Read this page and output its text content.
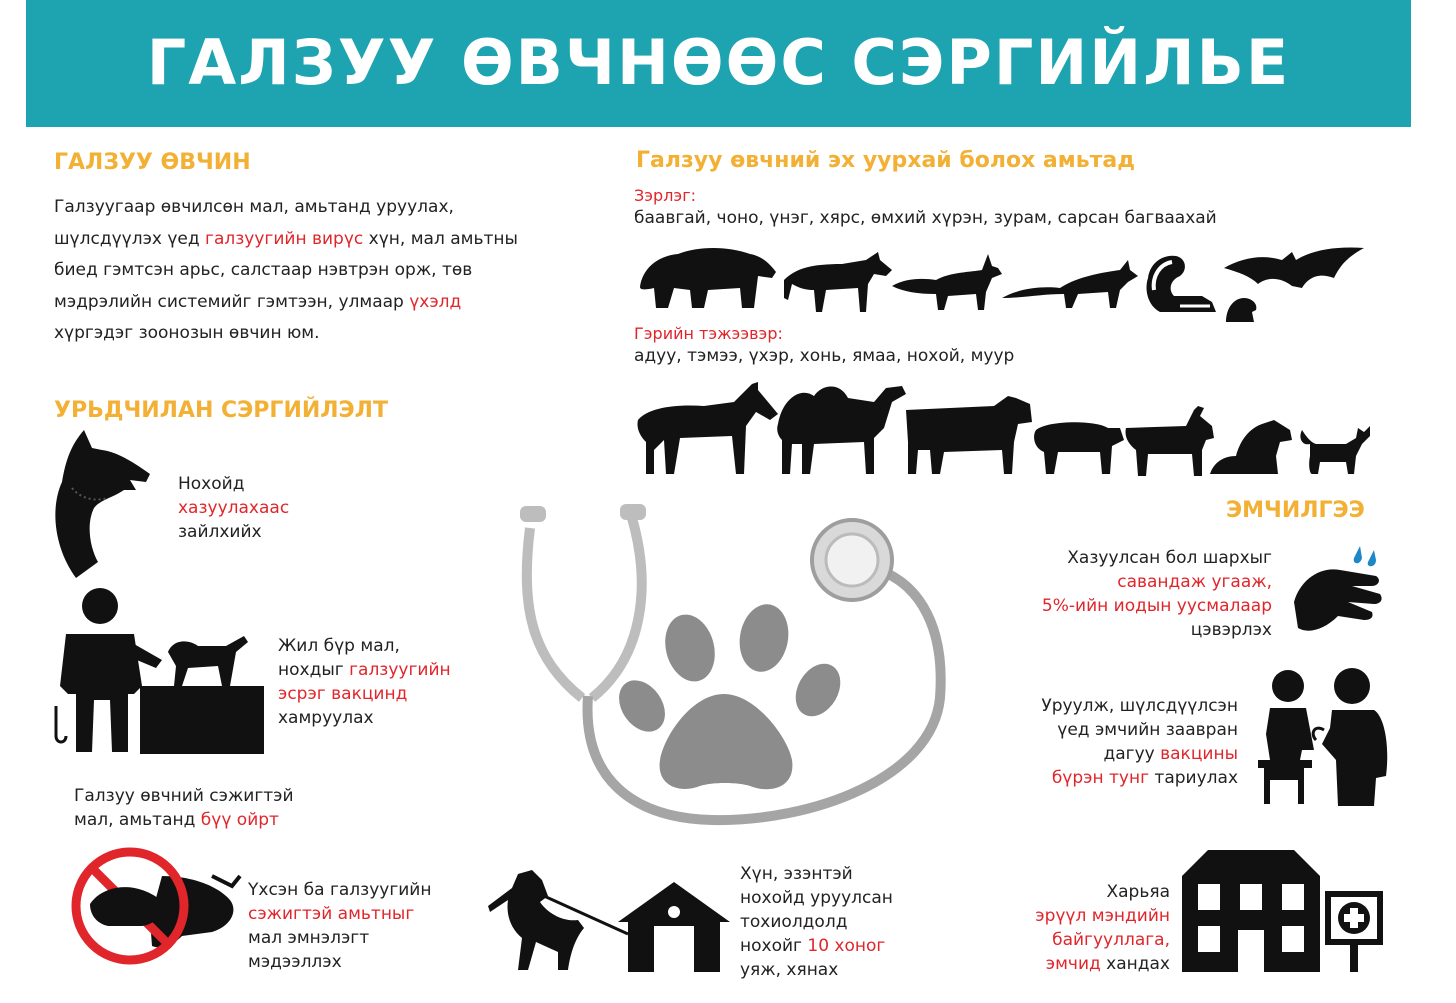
ГАЛЗУУ ӨВЧНӨӨС СЭРГИЙЛЬЕ
ГАЛЗУУ ӨВЧИН
Галзуугаар өвчилсөн мал, амьтанд уруулах,
шүлсдүүлэх үед галзуугийн вирүс хүн, мал амьтны
биед гэмтсэн арьс, салстаар нэвтрэн орж, төв
мэдрэлийн системийг гэмтээн, улмаар үхэлд
хүргэдэг зоонозын өвчин юм.
Галзуу өвчний эх уурхай болох амьтад
Зэрлэг:
баавгай, чоно, үнэг, хярс, өмхий хүрэн, зурам, сарсан багваахай
Гэрийн тэжээвэр:
адуу, тэмээ, үхэр, хонь, ямаа, нохой, муур
УРЬДЧИЛАН СЭРГИЙЛЭЛТ
Нохойд
хазуулахаас
зайлхийх
Жил бүр мал,
нохдыг галзуугийн
эсрэг вакцинд
хамруулах
Галзуу өвчний сэжигтэй
мал, амьтанд бүү ойрт
Үхсэн ба галзуугийн
сэжигтэй амьтныг
мал эмнэлэгт
мэдээллэх
Хүн, эзэнтэй
нохойд уруулсан
тохиолдолд
нохойг 10 хоног
уяж, хянах
ЭМЧИЛГЭЭ
Хазуулсан бол шархыг
савандаж угааж,
5%-ийн иодын уусмалаар
цэвэрлэх
Уруулж, шүлсдүүлсэн
үед эмчийн заавран
дагуу вакцины
бүрэн тунг тариулах
Харьяа
эрүүл мэндийн
байгууллага,
эмчид хандах
